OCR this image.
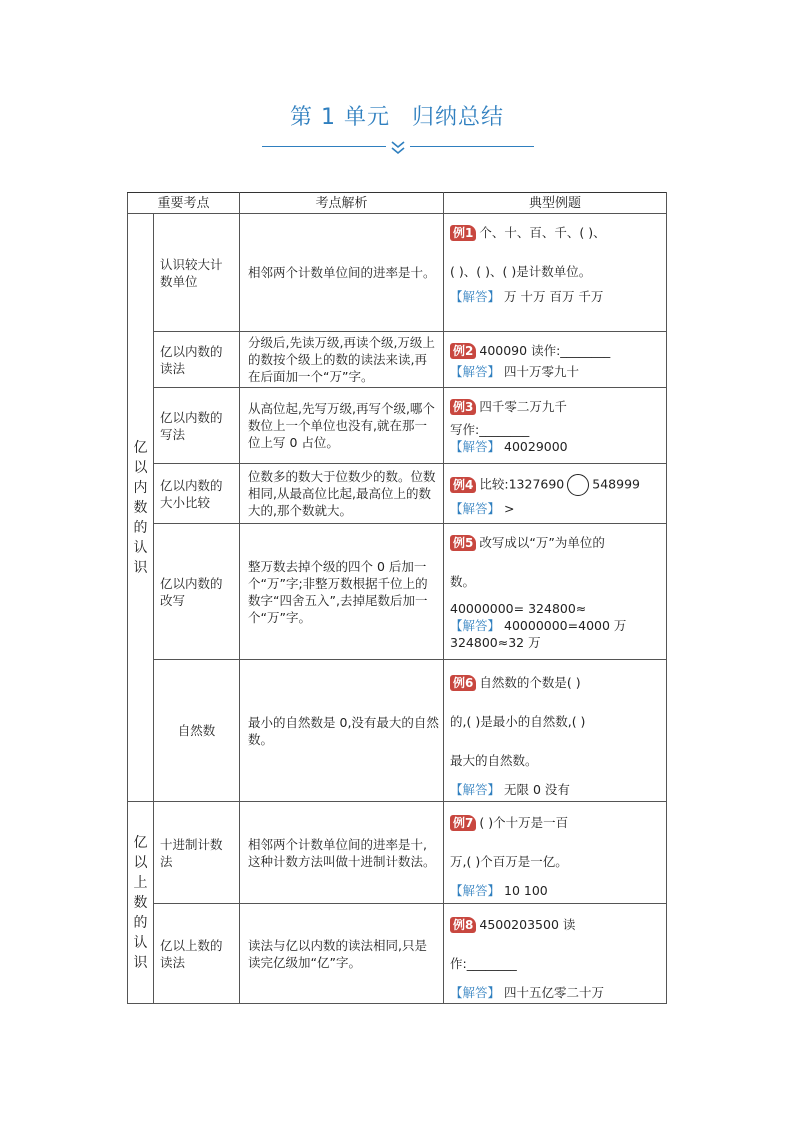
第 1 单元 归纳总结
重要考点		考点解析	典型例题
亿以内数的认识	认识较大计数单位	相邻两个计数单位间的进率是十。	例1 个、十、百、千、( )、

( )、( )、( )是计数单位。

【解答】 万 十万 百万 千万

	亿以内数的读法	分级后,先读万级,再读个级,万级上的数按个级上的数的读法来读,再在后面加一个“万”字。	例2 400090 读作:________

【解答】 四十万零九十

	亿以内数的写法	从高位起,先写万级,再写个级,哪个数位上一个单位也没有,就在那一位上写 0 占位。	例3 四千零二万九千

写作:________

【解答】 40029000

	亿以内数的大小比较	位数多的数大于位数少的数。位数相同,从最高位比起,最高位上的数大的,那个数就大。	例4 比较:1327690 548999

【解答】 >

	亿以内数的改写	整万数去掉个级的四个 0 后加一个“万”字;非整万数根据千位上的数字“四舍五入”,去掉尾数后加一个“万”字。	例5 改写成以“万”为单位的

数。

40000000= 324800≈

【解答】 40000000=4000 万

324800≈32 万

	自然数	最小的自然数是 0,没有最大的自然数。	例6 自然数的个数是( )

的,( )是最小的自然数,( )

最大的自然数。

【解答】 无限 0 没有

亿以上数的认识	十进制计数法	相邻两个计数单位间的进率是十,这种计数方法叫做十进制计数法。	例7 ( )个十万是一百

万,( )个百万是一亿。

【解答】 10 100

	亿以上数的读法	读法与亿以内数的读法相同,只是读完亿级加“亿”字。	例8 4500203500 读

作:________

【解答】 四十五亿零二十万
